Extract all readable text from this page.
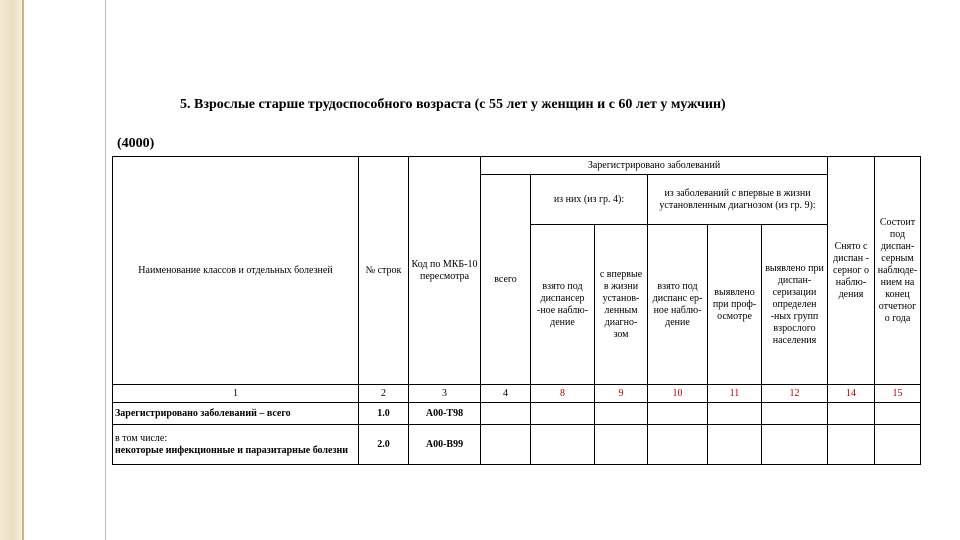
5. Взрослые старше трудоспособного возраста (с 55 лет у женщин и с 60 лет у мужчин)
(4000)
Наименование классов и отдельных болезней	№ строк	Код по МКБ-10 пересмотра	Зарегистрировано заболеваний						Снято с диспан - серног о наблю- дения	Состоит под диспан- серным наблюде- нием на конец отчетног о года
			всего	из них (из гр. 4):		из заболеваний с впервые в жизни установленным диагнозом (из гр. 9):				
				взято под диспансер -ное наблю- дение	с впервые в жизни установ- ленным диагно- зом	взято под диспанс ер-ное наблю- дение	выявлено при проф- осмотре	выявлено при диспан- серизации определен -ных групп взрослого населения		
1	2	3	4	8	9	10	11	12	14	15
Зарегистрировано заболеваний – всего	1.0	А00-Т98								

в том числе:
некоторые инфекционные и паразитарные болезни	2.0	А00-В99								
